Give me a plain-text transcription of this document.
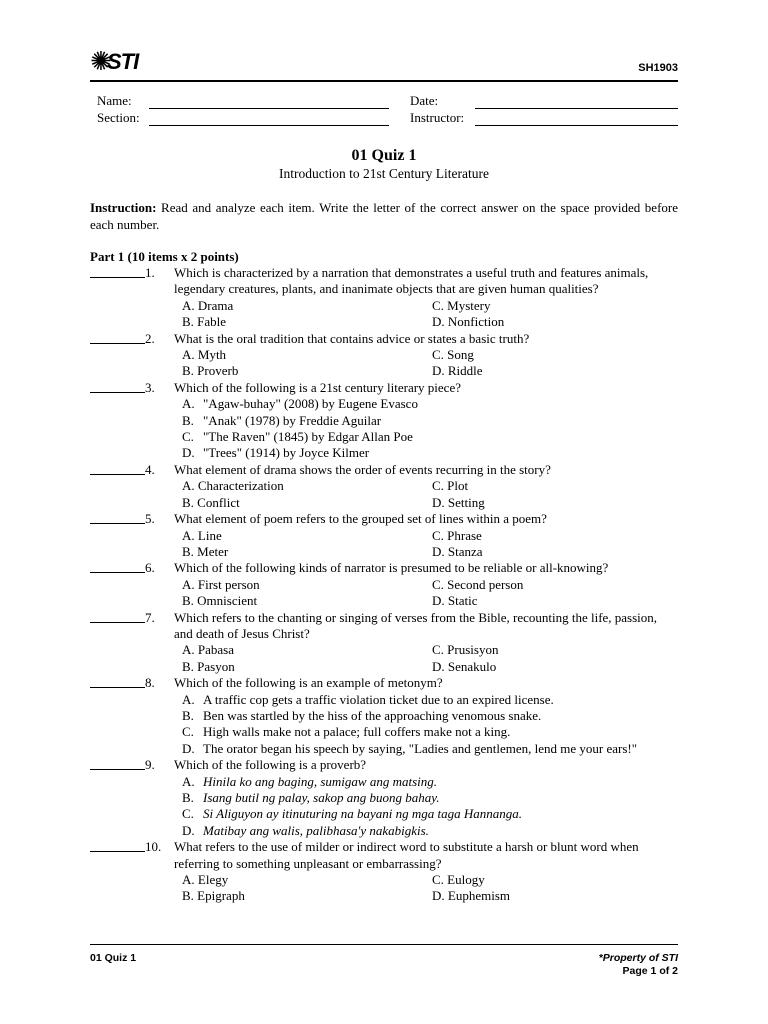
✺
STI	SH1903
Name:
Section:
Date:
Instructor:
01 Quiz 1
Introduction to 21st Century Literature
Instruction: Read and analyze each item. Write the letter of the correct answer on the space provided before each number.
Part 1 (10 items x 2 points)
1. Which is characterized by a narration that demonstrates a useful truth and features animals, legendary creatures, plants, and inanimate objects that are given human qualities?
A. Drama	C. Mystery
B. Fable	D. Nonfiction
2. What is the oral tradition that contains advice or states a basic truth?
A. Myth	C. Song
B. Proverb	D. Riddle
3. Which of the following is a 21st century literary piece?
A. "Agaw-buhay" (2008) by Eugene Evasco
B. "Anak" (1978) by Freddie Aguilar
C. "The Raven" (1845) by Edgar Allan Poe
D. "Trees" (1914) by Joyce Kilmer
4. What element of drama shows the order of events recurring in the story?
A. Characterization	C. Plot
B. Conflict	D. Setting
5. What element of poem refers to the grouped set of lines within a poem?
A. Line	C. Phrase
B. Meter	D. Stanza
6. Which of the following kinds of narrator is presumed to be reliable or all-knowing?
A. First person	C. Second person
B. Omniscient	D. Static
7. Which refers to the chanting or singing of verses from the Bible, recounting the life, passion, and death of Jesus Christ?
A. Pabasa	C. Prusisyon
B. Pasyon	D. Senakulo
8. Which of the following is an example of metonym?
A. A traffic cop gets a traffic violation ticket due to an expired license.
B. Ben was startled by the hiss of the approaching venomous snake.
C. High walls make not a palace; full coffers make not a king.
D. The orator began his speech by saying, "Ladies and gentlemen, lend me your ears!"
9. Which of the following is a proverb?
A. Hinila ko ang baging, sumigaw ang matsing.
B. Isang butil ng palay, sakop ang buong bahay.
C. Si Aliguyon ay itinuturing na bayani ng mga taga Hannanga.
D. Matibay ang walis, palibhasa'y nakabigkis.
10. What refers to the use of milder or indirect word to substitute a harsh or blunt word when referring to something unpleasant or embarrassing?
A. Elegy	C. Eulogy
B. Epigraph	D. Euphemism
01 Quiz 1	*Property of STI
Page 1 of 2
